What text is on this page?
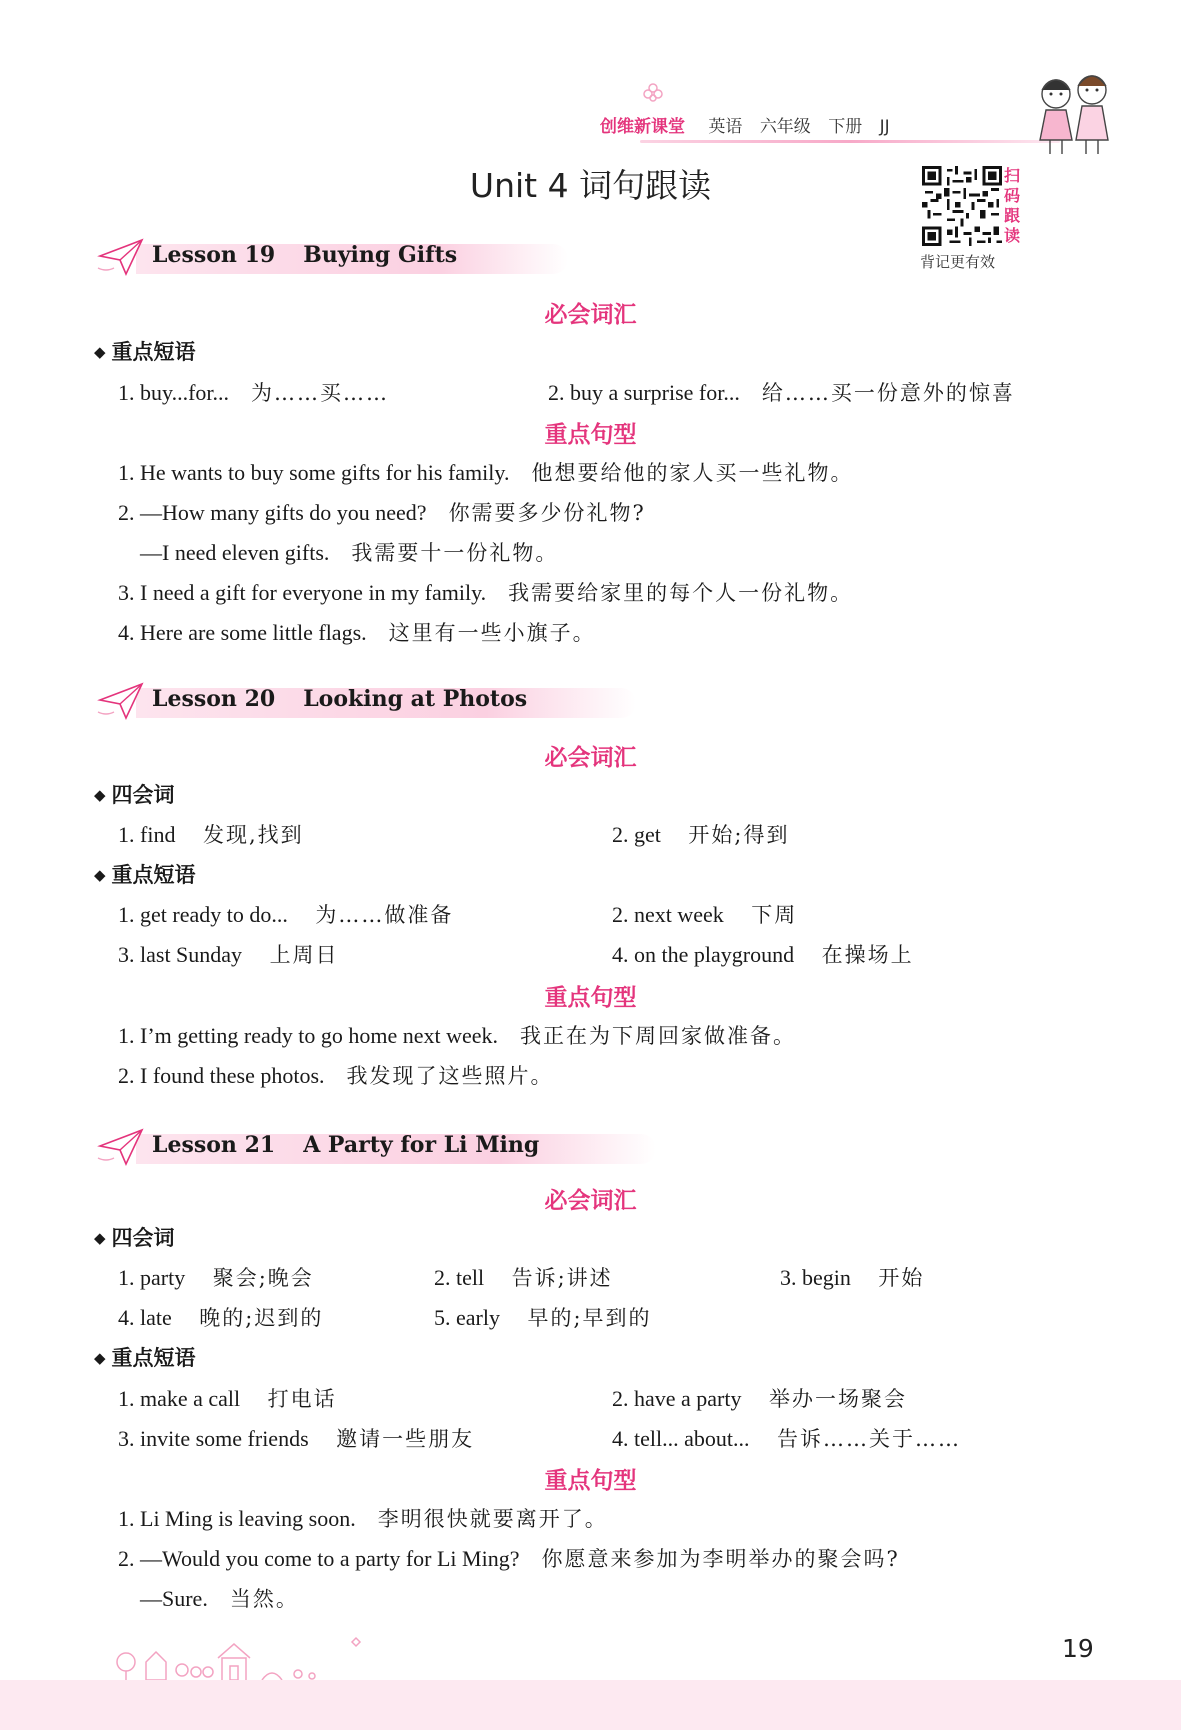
创维新课堂 英语 六年级 下册 JJ
Unit 4 词句跟读	扫
码
跟
读
背记更有效
Lesson 19 Buying Gifts
必会词汇
◆ 重点短语
1. buy...for... 为……买……	2. buy a surprise for... 给……买一份意外的惊喜
重点句型
1. He wants to buy some gifts for his family. 他想要给他的家人买一些礼物。
2. —How many gifts do you need? 你需要多少份礼物?
—I need eleven gifts. 我需要十一份礼物。
3. I need a gift for everyone in my family. 我需要给家里的每个人一份礼物。
4. Here are some little flags. 这里有一些小旗子。
Lesson 20 Looking at Photos
必会词汇
◆ 四会词
1. find 发现,找到	2. get 开始;得到
◆ 重点短语
1. get ready to do... 为……做准备	2. next week 下周
3. last Sunday 上周日	4. on the playground 在操场上
重点句型
1. I’m getting ready to go home next week. 我正在为下周回家做准备。
2. I found these photos. 我发现了这些照片。
Lesson 21 A Party for Li Ming
必会词汇
◆ 四会词
1. party 聚会;晚会	2. tell 告诉;讲述	3. begin 开始
4. late 晚的;迟到的	5. early 早的;早到的
◆ 重点短语
1. make a call 打电话	2. have a party 举办一场聚会
3. invite some friends 邀请一些朋友	4. tell... about... 告诉……关于……
重点句型
1. Li Ming is leaving soon. 李明很快就要离开了。
2. —Would you come to a party for Li Ming? 你愿意来参加为李明举办的聚会吗?
—Sure. 当然。
19
